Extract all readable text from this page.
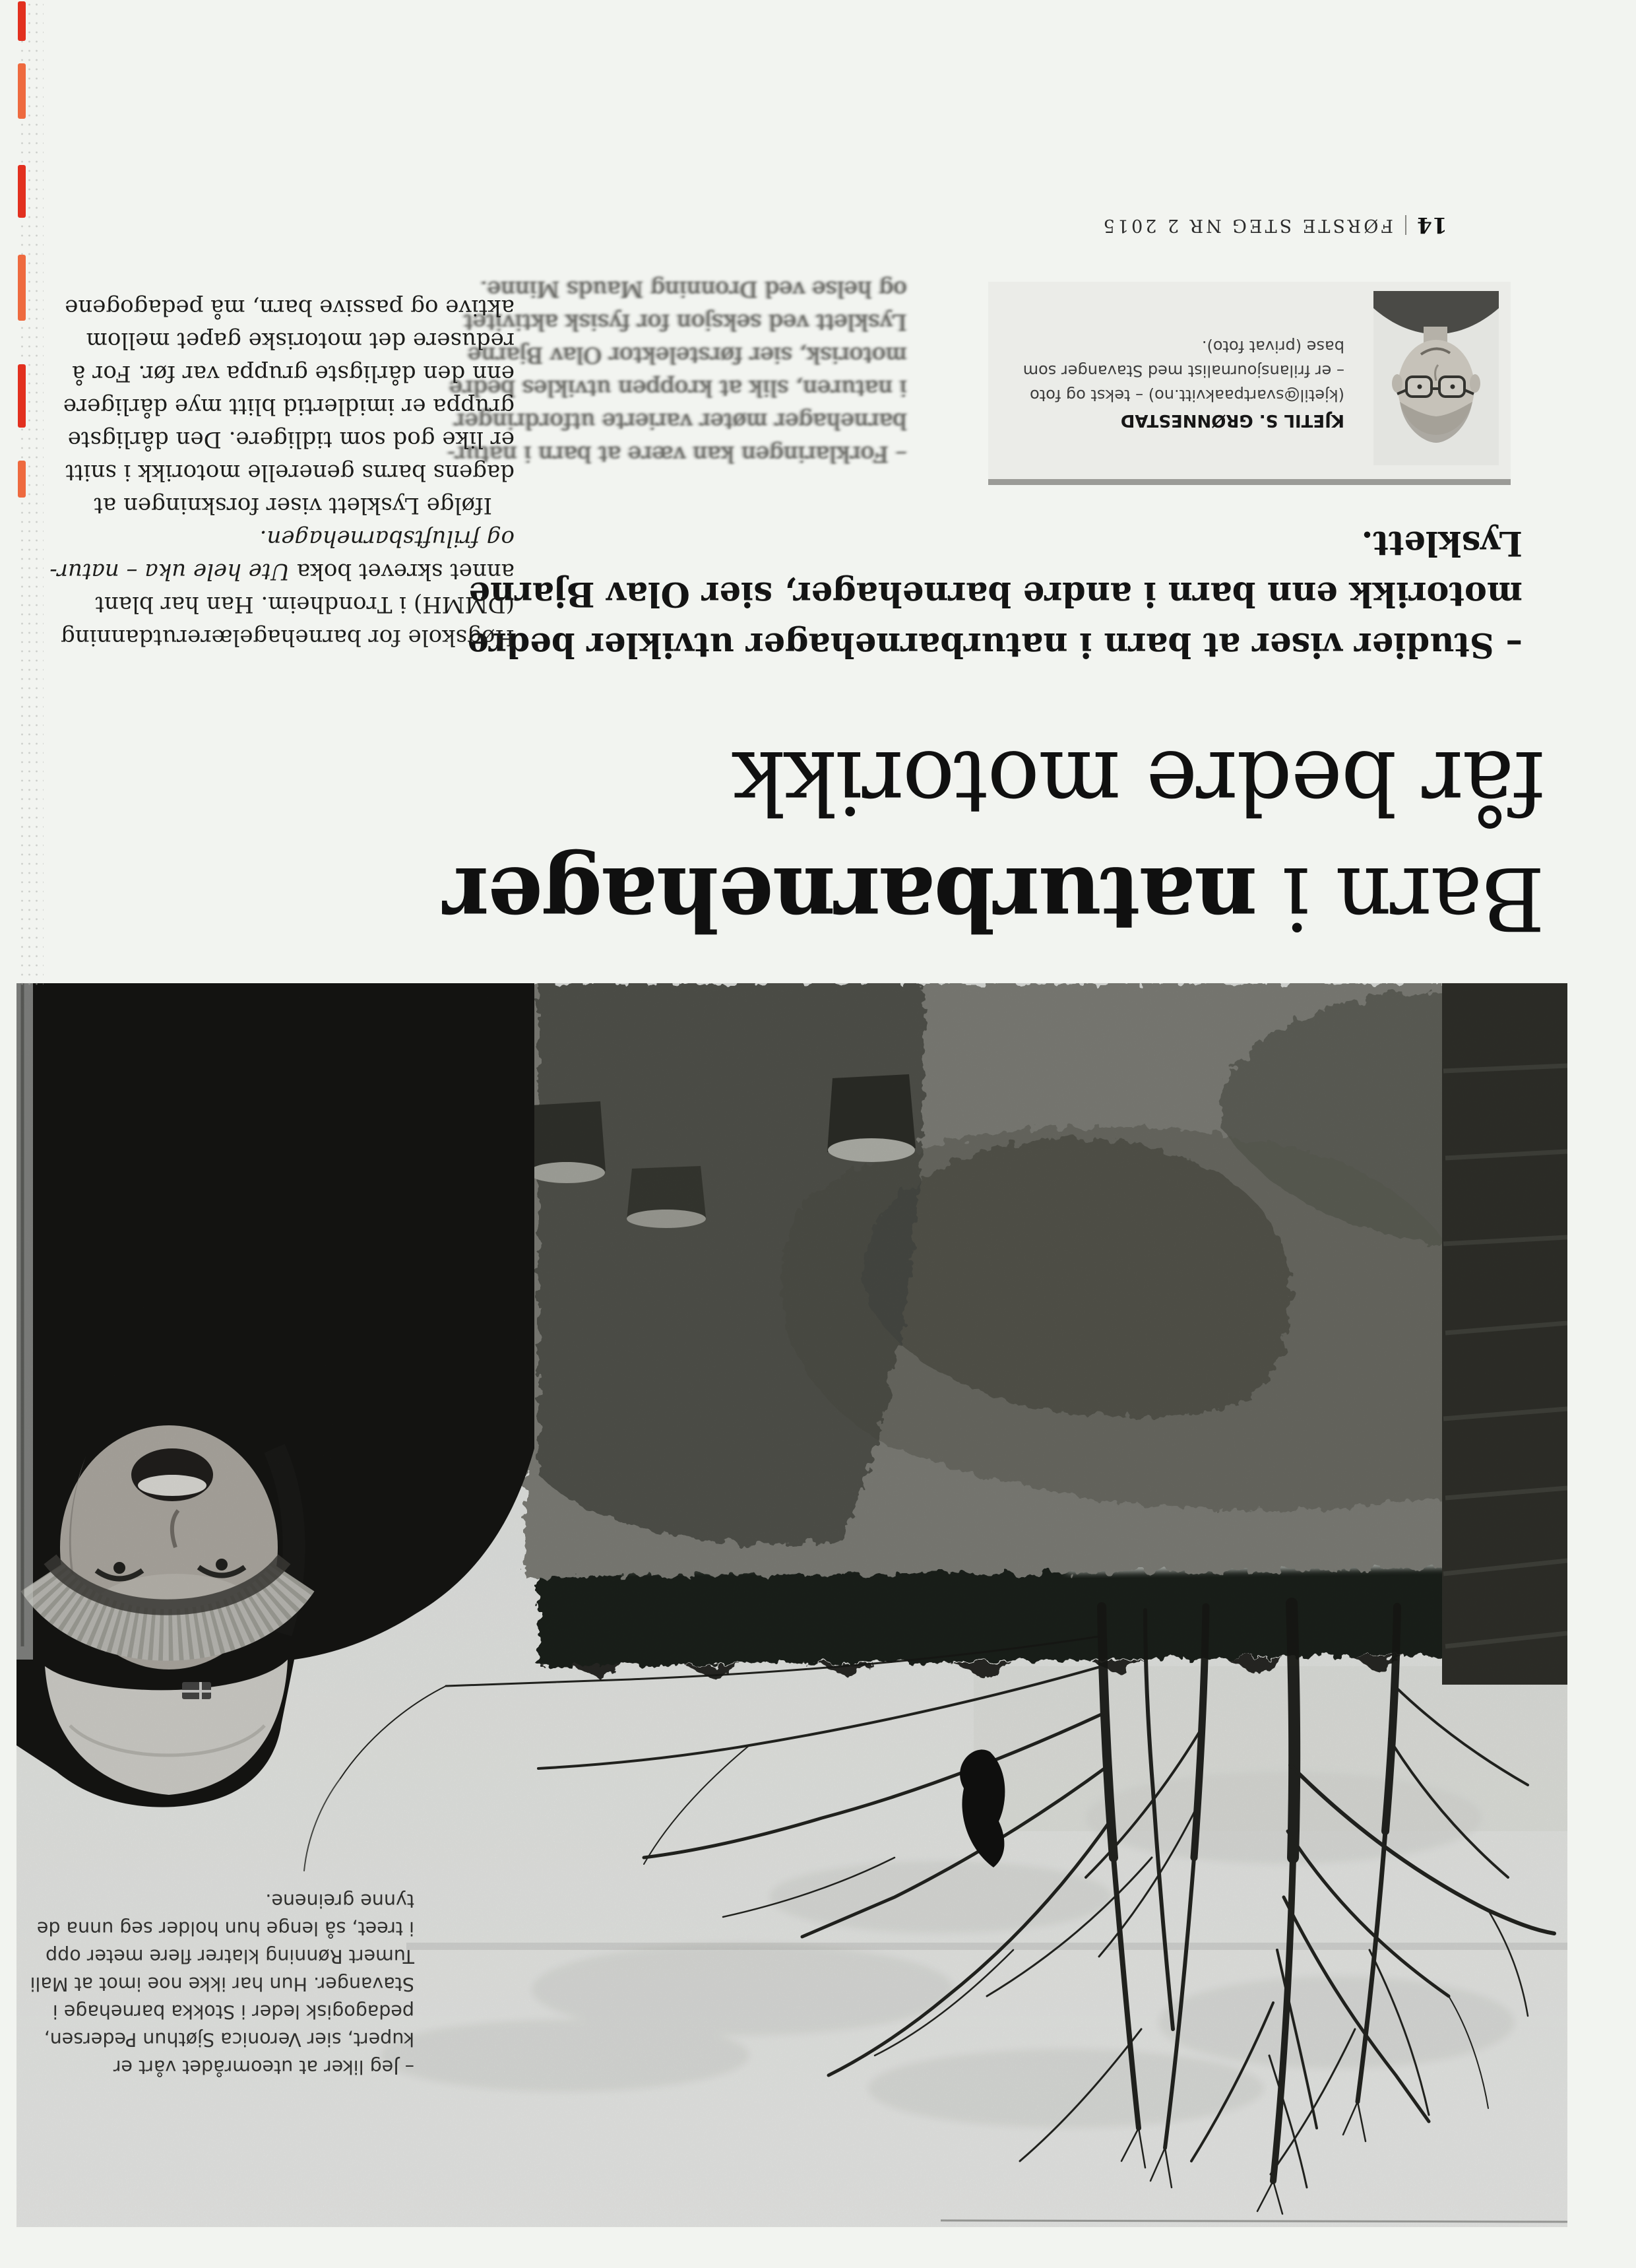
– Jeg liker at uteområdet vårt er
kupert, sier Veronica Sjøthun Pedersen,
pedagogisk leder i Stokka barnehage i
Stavanger. Hun har ikke noe imot at Mali
Tumert Rønning klatrer flere meter opp
i treet, så lenge hun holder seg unna de
tynne greinene.
Barn i naturbarnehager
får bedre motorikk
– Studier viser at barn i naturbarnehager utvikler bedre
motorikk enn barn i andre barnehager, sier Olav Bjarne
Lysklett.
– Forklaringen kan være at barn i natur-
barnehager møter varierte utfordringer
i naturen, slik at kroppen utvikles bedre
motorisk, sier førstelektor Olav Bjarne
Lysklett ved seksjon for fysisk aktivitet
og helse ved Dronning Mauds Minne.
Høgskole for barnehagelærerutdanning
(DMMH) i Trondheim. Han har blant
annet skrevet boka Ute hele uka – natur-
og friluftsbarnehagen.
Ifølge Lysklett viser forskningen at
dagens barns generelle motorikk i snitt
er like god som tidligere. Den dårligste
gruppa er imidlertid blitt mye dårligere
enn den dårligste gruppa var før. For å
redusere det motoriske gapet mellom
aktive og passive barn, må pedagogene
KJETIL S. GRØNNESTAD
(kjetil@svartpaakvitt.no) – tekst og foto
– er frilansjournalist med Stavanger som
base (privat foto).
14
FØRSTE STEG NR 2 2015
